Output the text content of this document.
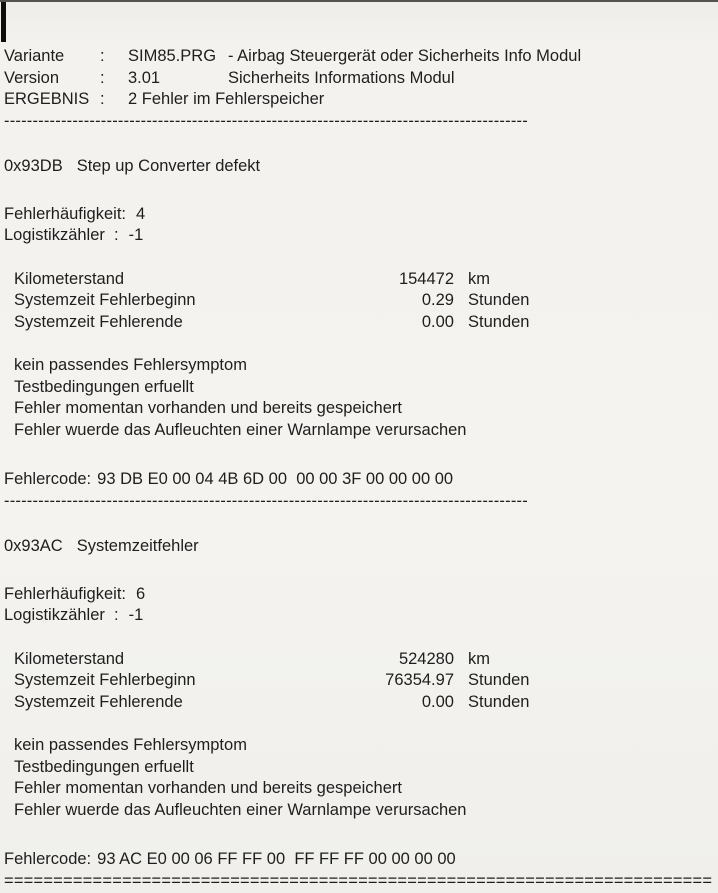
Variante	:	SIM85.PRG - Airbag Steuergerät oder Sicherheits Info Modul
Version	:	3.01	Sicherheits Informations Modul
ERGEBNIS :	2 Fehler im Fehlerspeicher
--------------------------------------------------------------------------------------------
0x93DB Step up Converter defekt
Fehlerhäufigkeit: 4
Logistikzähler  : -1
Kilometerstand	154472 km
Systemzeit Fehlerbeginn	0.29 Stunden
Systemzeit Fehlerende	0.00 Stunden
kein passendes Fehlersymptom
Testbedingungen erfuellt
Fehler momentan vorhanden und bereits gespeichert
Fehler wuerde das Aufleuchten einer Warnlampe verursachen
Fehlercode: 93 DB E0 00 04 4B 6D 00  00 00 3F 00 00 00 00
--------------------------------------------------------------------------------------------
0x93AC Systemzeitfehler
Fehlerhäufigkeit: 6
Logistikzähler  : -1
Kilometerstand	524280 km
Systemzeit Fehlerbeginn	76354.97 Stunden
Systemzeit Fehlerende	0.00 Stunden
kein passendes Fehlersymptom
Testbedingungen erfuellt
Fehler momentan vorhanden und bereits gespeichert
Fehler wuerde das Aufleuchten einer Warnlampe verursachen
Fehlercode: 93 AC E0 00 06 FF FF 00  FF FF FF 00 00 00 00
========================================================================
